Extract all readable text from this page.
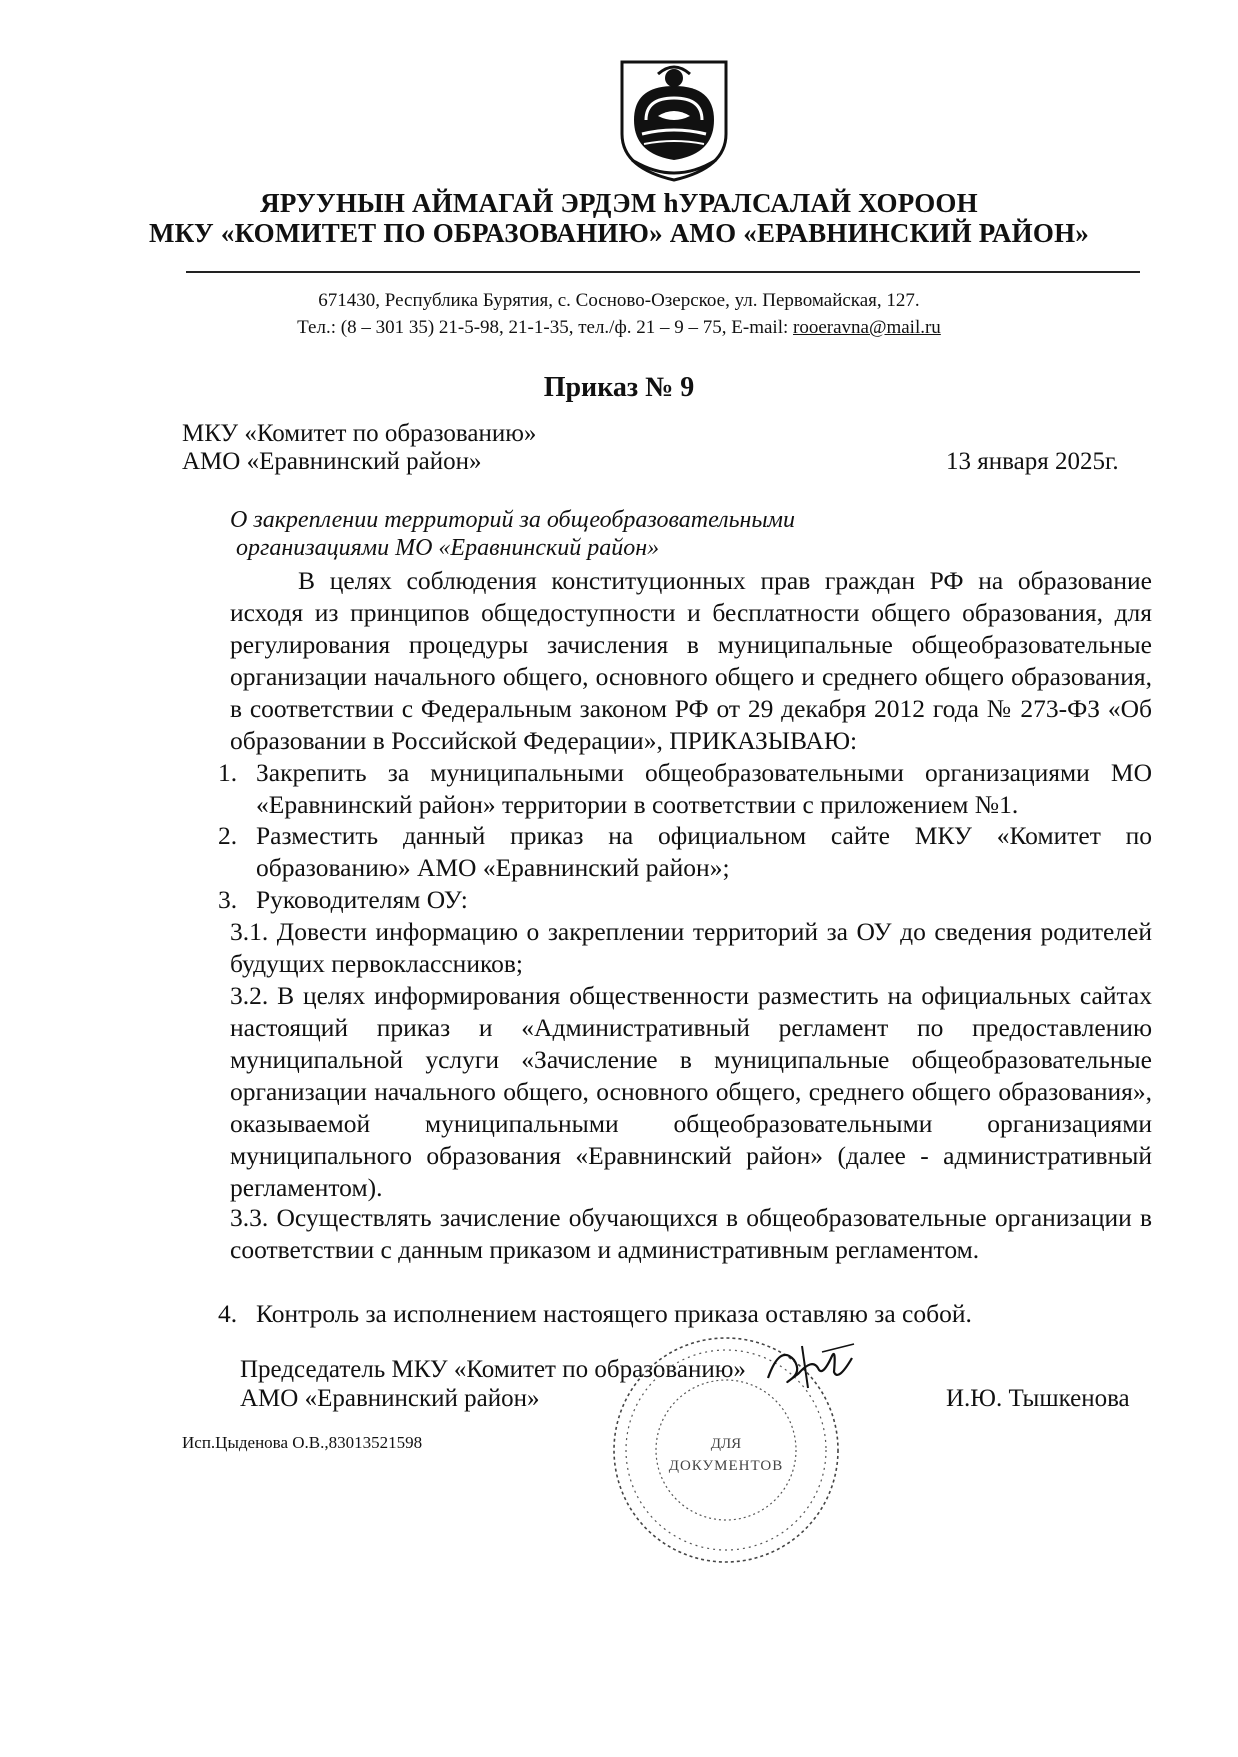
ЯРУУНЫН АЙМАГАЙ ЭРДЭМ hУРАЛСАЛАЙ ХОРООН
МКУ «КОМИТЕТ ПО ОБРАЗОВАНИЮ» АМО «ЕРАВНИНСКИЙ РАЙОН»
671430, Республика Бурятия, с. Сосново-Озерское, ул. Первомайская, 127.
Тел.: (8 – 301 35) 21-5-98, 21-1-35, тел./ф. 21 – 9 – 75, E-mail: rooeravna@mail.ru
Приказ № 9
МКУ «Комитет по образованию»
АМО «Еравнинский район»	13 января 2025г.
О закреплении территорий за общеобразовательными
организациями МО «Еравнинский район»
В целях соблюдения конституционных прав граждан РФ на образование исходя из принципов общедоступности и бесплатности общего образования, для регулирования процедуры зачисления в муниципальные общеобразовательные организации начального общего, основного общего и среднего общего образования, в соответствии с Федеральным законом РФ от 29 декабря 2012 года № 273-ФЗ «Об образовании в Российской Федерации», ПРИКАЗЫВАЮ:
1. Закрепить за муниципальными общеобразовательными организациями МО «Еравнинский район» территории в соответствии с приложением №1.
2. Разместить данный приказ на официальном сайте МКУ «Комитет по образованию» АМО «Еравнинский район»;
3. Руководителям ОУ:
3.1. Довести информацию о закреплении территорий за ОУ до сведения родителей будущих первоклассников;
3.2. В целях информирования общественности разместить на официальных сайтах настоящий приказ и «Административный регламент по предоставлению муниципальной услуги «Зачисление в муниципальные общеобразовательные организации начального общего, основного общего, среднего общего образования», оказываемой муниципальными общеобразовательными организациями муниципального образования «Еравнинский район» (далее - административный регламентом).
3.3. Осуществлять зачисление обучающихся в общеобразовательные организации в соответствии с данным приказом и административным регламентом.
4. Контроль за исполнением настоящего приказа оставляю за собой.
Председатель МКУ «Комитет по образованию»
АМО «Еравнинский район»	И.Ю. Тышкенова
ДЛЯ
ДОКУМЕНТОВ
Исп.Цыденова О.В.,83013521598
